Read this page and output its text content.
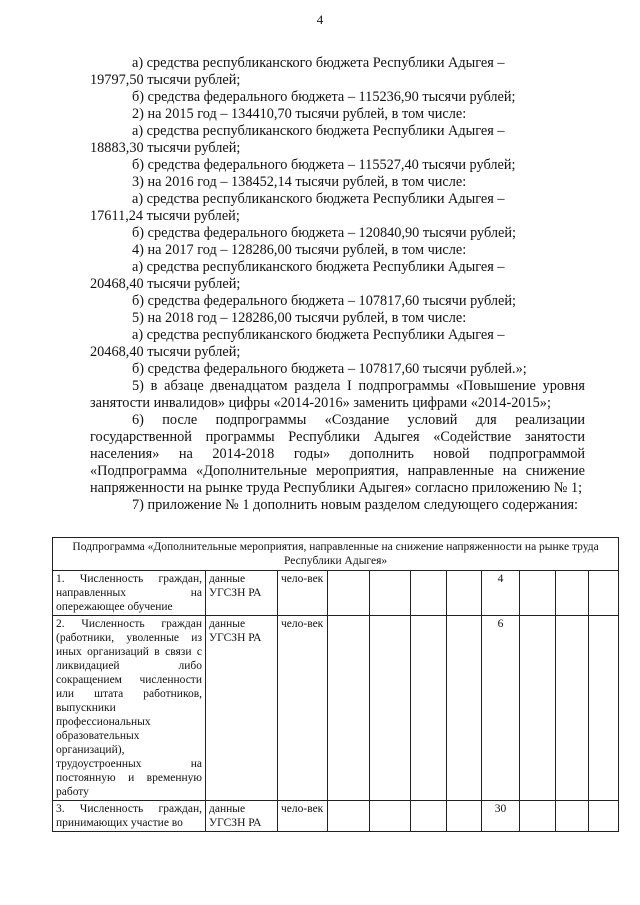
4

а) средства республиканского бюджета Республики Адыгея –

19797,50 тысячи рублей;

б) средства федерального бюджета – 115236,90 тысячи рублей;

2) на 2015 год – 134410,70 тысячи рублей, в том числе:

а) средства республиканского бюджета Республики Адыгея –

18883,30 тысячи рублей;

б) средства федерального бюджета – 115527,40 тысячи рублей;

3) на 2016 год – 138452,14 тысячи рублей, в том числе:

а) средства республиканского бюджета Республики Адыгея –

17611,24 тысячи рублей;

б) средства федерального бюджета – 120840,90 тысячи рублей;

4) на 2017 год – 128286,00 тысячи рублей, в том числе:

а) средства республиканского бюджета Республики Адыгея –

20468,40 тысячи рублей;

б) средства федерального бюджета – 107817,60 тысячи рублей;

5) на 2018 год – 128286,00 тысячи рублей, в том числе:

а) средства республиканского бюджета Республики Адыгея –

20468,40 тысячи рублей;

б) средства федерального бюджета – 107817,60 тысячи рублей.»;

5) в абзаце двенадцатом раздела I подпрограммы «Повышение уровня занятости инвалидов» цифры «2014-2016» заменить цифрами «2014-2015»;

6) после подпрограммы «Создание условий для реализации государственной программы Республики Адыгея «Содействие занятости населения» на 2014-2018 годы» дополнить новой подпрограммой «Подпрограмма «Дополнительные мероприятия, направленные на снижение напряженности на рынке труда Республики Адыгея» согласно приложению № 1;

7) приложение № 1 дополнить новым разделом следующего содержания:

Подпрограмма «Дополнительные мероприятия, направленные на снижение напряженности на рынке труда Республики Адыгея»										
1. Численность граждан, направленных на опережающее обучение	данные УГСЗН РА	чело-век					4			
2. Численность граждан (работники, уволенные из иных организаций в связи с ликвидацией либо сокращением численности или штата работников, выпускники профессиональных образовательных организаций), трудоустроенных на постоянную и временную работу	данные УГСЗН РА	чело-век					6			
3. Численность граждан, принимающих участие во	данные УГСЗН РА	чело-век					30			
